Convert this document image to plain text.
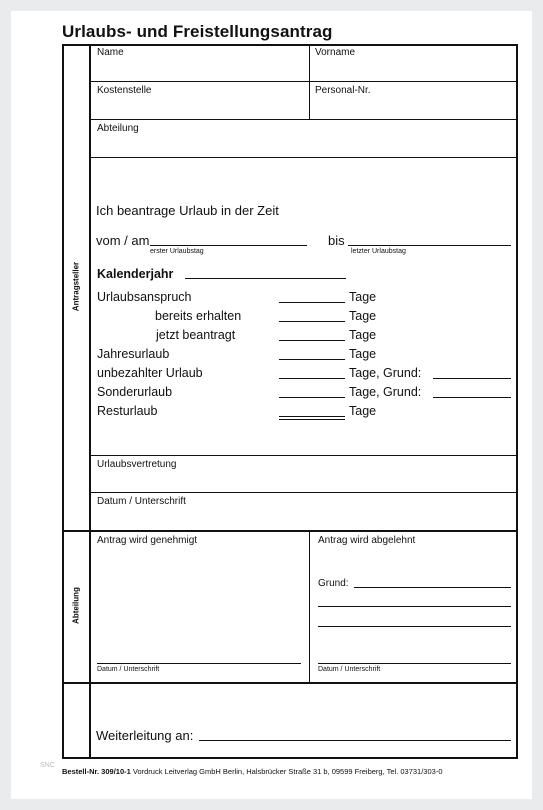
Urlaubs- und Freistellungsantrag
Antragsteller
Abteilung
Name	Vorname
Kostenstelle	Personal-Nr.
Abteilung
Ich beantrage Urlaub in der Zeit
vom / am
erster Urlaubstag
bis
letzter Urlaubstag
Kalenderjahr
Urlaubsanspruch	Tage
bereits erhalten	Tage
jetzt beantragt	Tage
Jahresurlaub	Tage
unbezahlter Urlaub	Tage, Grund:
Sonderurlaub	Tage, Grund:
Resturlaub	Tage
Urlaubsvertretung
Datum / Unterschrift
Antrag wird genehmigt	Antrag wird abgelehnt
Grund:
Datum / Unterschrift	Datum / Unterschrift
Weiterleitung an:
SNC
Bestell-Nr. 309/10-1 Vordruck Leitverlag GmbH Berlin, Halsbrücker Straße 31 b, 09599 Freiberg, Tel. 03731/303-0
